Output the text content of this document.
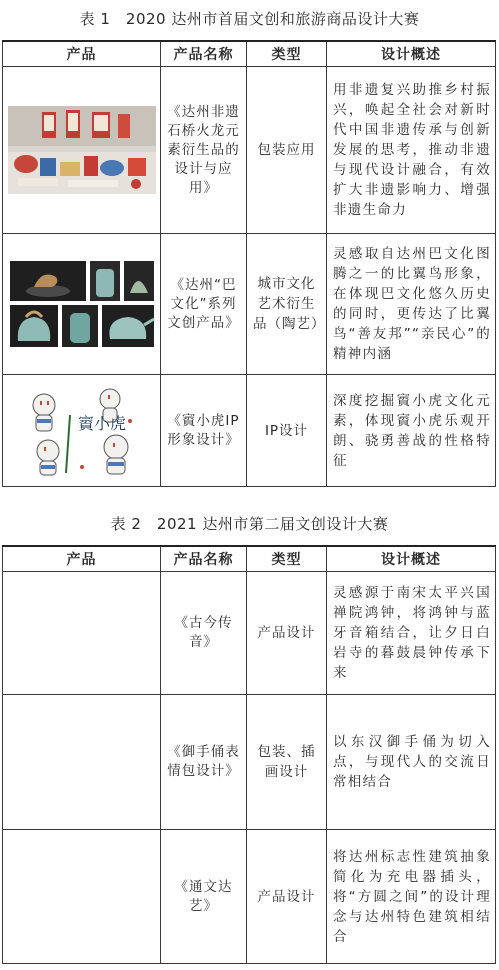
表 1　2020 达州市首届文创和旅游商品设计大赛
产品	产品名称	类型	设计概述

	《达州非遗石桥火龙元素衍生品的设计与应用》	包装应用	用非遗复兴助推乡村振兴，唤起全社会对新时代中国非遗传承与创新发展的思考，推动非遗与现代设计融合，有效扩大非遗影响力、增强非遗生命力

	《达州“巴文化”系列文创产品》	城市文化艺术衍生品（陶艺）	灵感取自达州巴文化图腾之一的比翼鸟形象，在体现巴文化悠久历史的同时，更传达了比翼鸟“善友邦”“亲民心”的精神内涵

賨小虎	《賨小虎IP形象设计》	IP设计	深度挖掘賨小虎文化元素，体现賨小虎乐观开朗、骁勇善战的性格特征
表 2　2021 达州市第二届文创设计大赛
产品	产品名称	类型	设计概述
	《古今传音》	产品设计	灵感源于南宋太平兴国禅院鸿钟，将鸿钟与蓝牙音箱结合，让夕日白岩寺的暮鼓晨钟传承下来
	《御手俑表情包设计》	包装、插画设计	以东汉御手俑为切入点，与现代人的交流日常相结合
	《通文达艺》	产品设计	将达州标志性建筑抽象简化为充电器插头，将“方圆之间”的设计理念与达州特色建筑相结合
